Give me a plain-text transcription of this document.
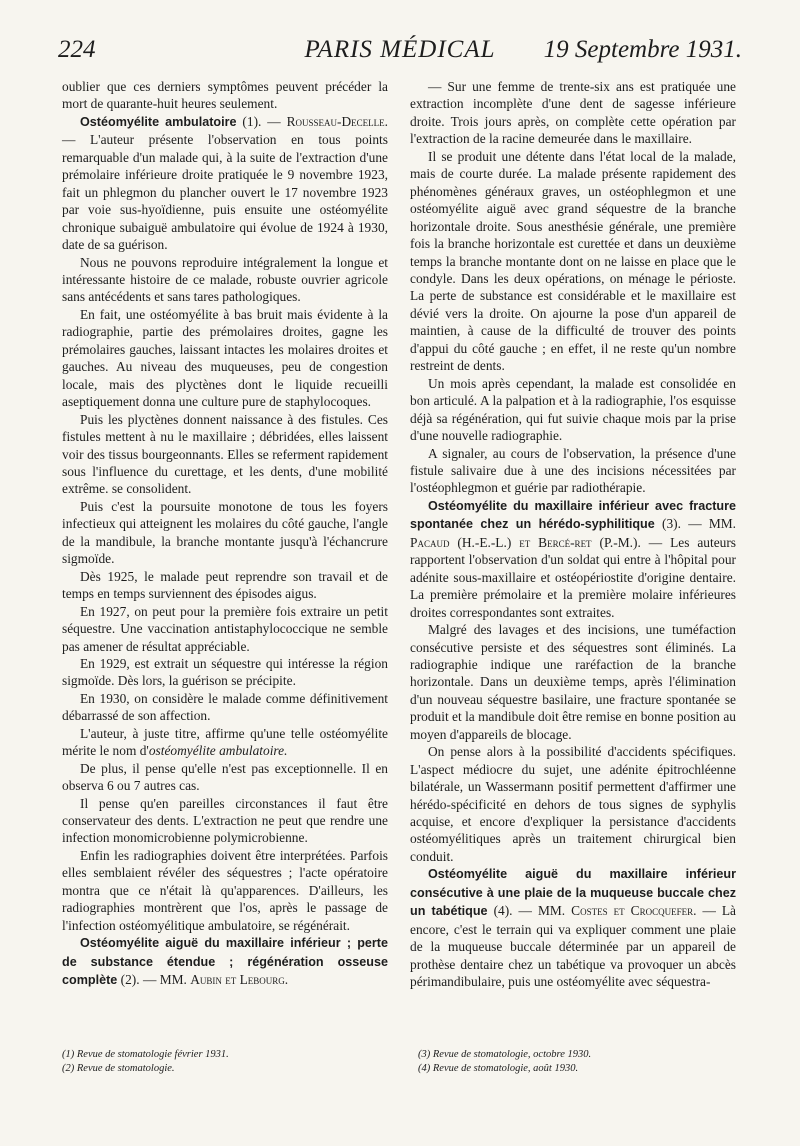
224	PARIS MÉDICAL	19 Septembre 1931.

oublier que ces derniers symptômes peuvent précéder la mort de quarante-huit heures seulement.

Ostéomyélite ambulatoire (1). — Rousseau-Decelle. — L'auteur présente l'observation en tous points remarquable d'un malade qui, à la suite de l'extraction d'une prémolaire inférieure droite pratiquée le 9 novembre 1923, fait un phlegmon du plancher ouvert le 17 novembre 1923 par voie sus-hyoïdienne, puis ensuite une ostéomyélite chronique subaiguë ambulatoire qui évolue de 1924 à 1930, date de sa guérison.

Nous ne pouvons reproduire intégralement la longue et intéressante histoire de ce malade, robuste ouvrier agricole sans antécédents et sans tares pathologiques.

En fait, une ostéomyélite à bas bruit mais évidente à la radiographie, partie des prémolaires droites, gagne les prémolaires gauches, laissant intactes les molaires droites et gauches. Au niveau des muqueuses, peu de congestion locale, mais des plyctènes dont le liquide recueilli aseptiquement donna une culture pure de staphylocoques.

Puis les plyctènes donnent naissance à des fistules. Ces fistules mettent à nu le maxillaire ; débridées, elles laissent voir des tissus bourgeonnants. Elles se referment rapidement sous l'influence du curettage, et les dents, d'une mobilité extrême. se consolident.

Puis c'est la poursuite monotone de tous les foyers infectieux qui atteignent les molaires du côté gauche, l'angle de la mandibule, la branche montante jusqu'à l'échancrure sigmoïde.

Dès 1925, le malade peut reprendre son travail et de temps en temps surviennent des épisodes aigus.

En 1927, on peut pour la première fois extraire un petit séquestre. Une vaccination antistaphylococcique ne semble pas amener de résultat appréciable.

En 1929, est extrait un séquestre qui intéresse la région sigmoïde. Dès lors, la guérison se précipite.

En 1930, on considère le malade comme définitivement débarrassé de son affection.

L'auteur, à juste titre, affirme qu'une telle ostéomyélite mérite le nom d'ostéomyélite ambulatoire.

De plus, il pense qu'elle n'est pas exceptionnelle. Il en observa 6 ou 7 autres cas.

Il pense qu'en pareilles circonstances il faut être conservateur des dents. L'extraction ne peut que rendre une infection monomicrobienne polymicrobienne.

Enfin les radiographies doivent être interprétées. Parfois elles semblaient révéler des séquestres ; l'acte opératoire montra que ce n'était là qu'apparences. D'ailleurs, les radiographies montrèrent que l'os, après le passage de l'infection ostéomyélitique ambulatoire, se régénérait.

Ostéomyélite aiguë du maxillaire inférieur ; perte de substance étendue ; régénération osseuse complète (2). — MM. Aubin et Lebourg.

— Sur une femme de trente-six ans est pratiquée une extraction incomplète d'une dent de sagesse inférieure droite. Trois jours après, on complète cette opération par l'extraction de la racine demeurée dans le maxillaire.

Il se produit une détente dans l'état local de la malade, mais de courte durée. La malade présente rapidement des phénomènes généraux graves, un ostéophlegmon et une ostéomyélite aiguë avec grand séquestre de la branche horizontale droite. Sous anesthésie générale, une première fois la branche horizontale est curettée et dans un deuxième temps la branche montante dont on ne laisse en place que le condyle. Dans les deux opérations, on ménage le périoste. La perte de substance est considérable et le maxillaire est dévié vers la droite. On ajourne la pose d'un appareil de maintien, à cause de la difficulté de trouver des points d'appui du côté gauche ; en effet, il ne reste qu'un nombre restreint de dents.

Un mois après cependant, la malade est consolidée en bon articulé. A la palpation et à la radiographie, l'os esquisse déjà sa régénération, qui fut suivie chaque mois par la prise d'une nouvelle radiographie.

A signaler, au cours de l'observation, la présence d'une fistule salivaire due à une des incisions nécessitées par l'ostéophlegmon et guérie par radiothérapie.

Ostéomyélite du maxillaire inférieur avec fracture spontanée chez un hérédo-syphilitique (3). — MM. Pacaud (H.-E.-L.) et Bercé-ret (P.-M.). — Les auteurs rapportent l'observation d'un soldat qui entre à l'hôpital pour adénite sous-maxillaire et ostéopériostite d'origine dentaire. La première prémolaire et la première molaire inférieures droites correspondantes sont extraites.

Malgré des lavages et des incisions, une tuméfaction consécutive persiste et des séquestres sont éliminés. La radiographie indique une raréfaction de la branche horizontale. Dans un deuxième temps, après l'élimination d'un nouveau séquestre basilaire, une fracture spontanée se produit et la mandibule doit être remise en bonne position au moyen d'appareils de blocage.

On pense alors à la possibilité d'accidents spécifiques. L'aspect médiocre du sujet, une adénite épitrochléenne bilatérale, un Wassermann positif permettent d'affirmer une hérédo-spécificité en dehors de tous signes de syphylis acquise, et encore d'expliquer la persistance d'accidents ostéomyélitiques après un traitement chirurgical bien conduit.

Ostéomyélite aiguë du maxillaire inférieur consécutive à une plaie de la muqueuse buccale chez un tabétique (4). — MM. Costes et Crocquefer. — Là encore, c'est le terrain qui va expliquer comment une plaie de la muqueuse buccale déterminée par un appareil de prothèse dentaire chez un tabétique va provoquer un abcès périmandibulaire, puis une ostéomyélite avec séquestra-

(1) Revue de stomatologie février 1931.
(2) Revue de stomatologie.
(3) Revue de stomatologie, octobre 1930.
(4) Revue de stomatologie, août 1930.
